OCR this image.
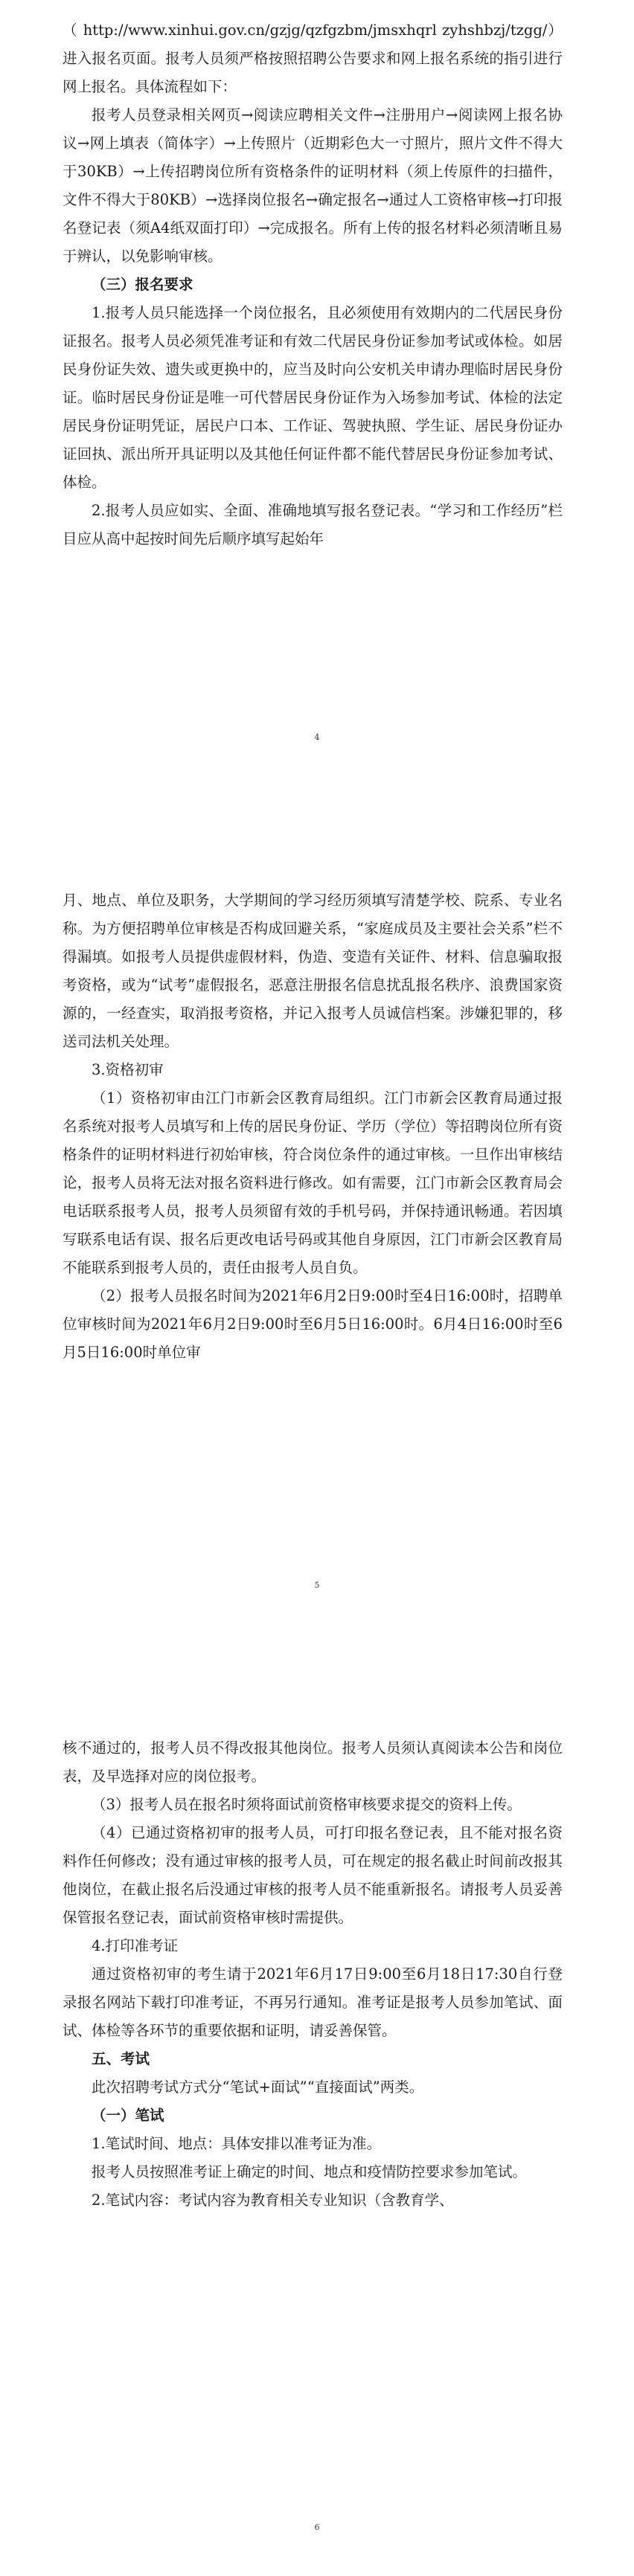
（ http://www.xinhui.gov.cn/gzjg/qzfgzbm/jmsxhqrl zyhshbzj/tzgg/） 进入报名页面。报考人员须严格按照招聘公告要求和网上报名系统的指引进行网上报名。具体流程如下：

报考人员登录相关网页→阅读应聘相关文件→注册用户→阅读网上报名协议→网上填表（简体字）→上传照片（近期彩色大一寸照片，照片文件不得大于30KB）→上传招聘岗位所有资格条件的证明材料（须上传原件的扫描件，文件不得大于80KB）→选择岗位报名→确定报名→通过人工资格审核→打印报名登记表（须A4纸双面打印）→完成报名。所有上传的报名材料必须清晰且易于辨认，以免影响审核。

（三）报名要求

1.报考人员只能选择一个岗位报名，且必须使用有效期内的二代居民身份证报名。报考人员必须凭准考证和有效二代居民身份证参加考试或体检。如居民身份证失效、遗失或更换中的，应当及时向公安机关申请办理临时居民身份证。临时居民身份证是唯一可代替居民身份证作为入场参加考试、体检的法定居民身份证明凭证，居民户口本、工作证、驾驶执照、学生证、居民身份证办证回执、派出所开具证明以及其他任何证件都不能代替居民身份证参加考试、体检。

2.报考人员应如实、全面、准确地填写报名登记表。“学习和工作经历”栏目应从高中起按时间先后顺序填写起始年

4

月、地点、单位及职务，大学期间的学习经历须填写清楚学校、院系、专业名称。为方便招聘单位审核是否构成回避关系，“家庭成员及主要社会关系”栏不得漏填。如报考人员提供虚假材料，伪造、变造有关证件、材料、信息骗取报考资格，或为“试考”虚假报名，恶意注册报名信息扰乱报名秩序、浪费国家资源的，一经查实，取消报考资格，并记入报考人员诚信档案。涉嫌犯罪的，移送司法机关处理。

3.资格初审

（1）资格初审由江门市新会区教育局组织。江门市新会区教育局通过报名系统对报考人员填写和上传的居民身份证、学历（学位）等招聘岗位所有资格条件的证明材料进行初始审核，符合岗位条件的通过审核。一旦作出审核结论，报考人员将无法对报名资料进行修改。如有需要，江门市新会区教育局会电话联系报考人员，报考人员须留有效的手机号码，并保持通讯畅通。若因填写联系电话有误、报名后更改电话号码或其他自身原因，江门市新会区教育局不能联系到报考人员的，责任由报考人员自负。

（2）报考人员报名时间为2021年6月2日9:00时至4日16:00时，招聘单位审核时间为2021年6月2日9:00时至6月5日16:00时。6月4日16:00时至6月5日16:00时单位审

5

核不通过的，报考人员不得改报其他岗位。报考人员须认真阅读本公告和岗位表，及早选择对应的岗位报考。

（3）报考人员在报名时须将面试前资格审核要求提交的资料上传。

（4）已通过资格初审的报考人员，可打印报名登记表，且不能对报名资料作任何修改；没有通过审核的报考人员，可在规定的报名截止时间前改报其他岗位，在截止报名后没通过审核的报考人员不能重新报名。请报考人员妥善保管报名登记表，面试前资格审核时需提供。

4.打印准考证

通过资格初审的考生请于2021年6月17日9:00至6月18日17:30自行登录报名网站下载打印准考证，不再另行通知。准考证是报考人员参加笔试、面试、体检等各环节的重要依据和证明，请妥善保管。

五、考试

此次招聘考试方式分“笔试+面试”“直接面试”两类。

（一）笔试

1.笔试时间、地点：具体安排以准考证为准。

报考人员按照准考证上确定的时间、地点和疫情防控要求参加笔试。

2.笔试内容：考试内容为教育相关专业知识（含教育学、

6
